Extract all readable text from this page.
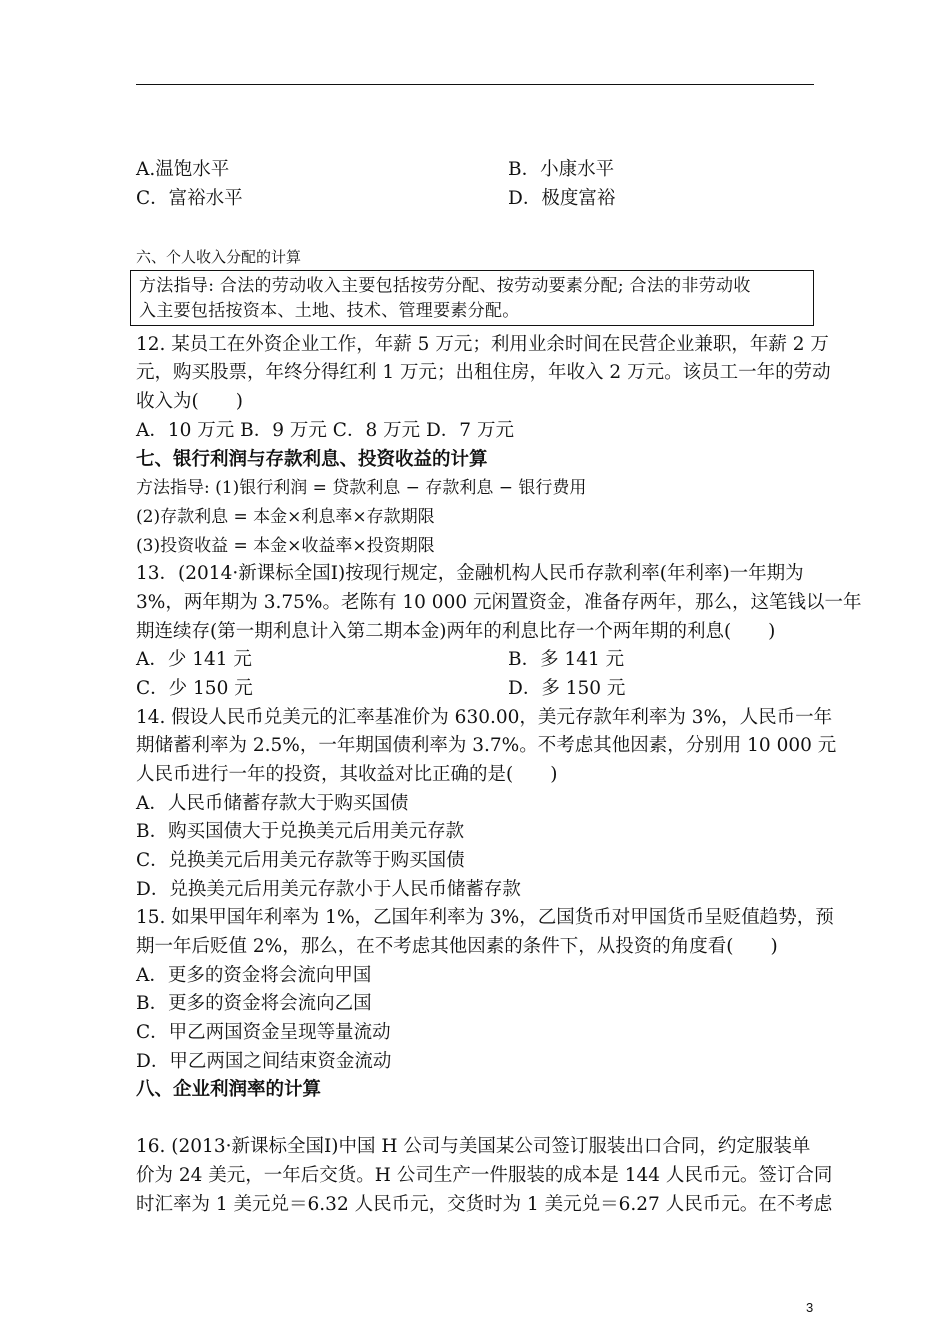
A.温饱水平	B．小康水平
C．富裕水平	D．极度富裕
六、个人收入分配的计算
方法指导: 合法的劳动收入主要包括按劳分配、按劳动要素分配; 合法的非劳动收
入主要包括按资本、土地、技术、管理要素分配。
12. 某员工在外资企业工作，年薪 5 万元；利用业余时间在民营企业兼职，年薪 2 万
元，购买股票，年终分得红利 1 万元；出租住房，年收入 2 万元。该员工一年的劳动
收入为(　　)
A．10 万元 B．9 万元 C．8 万元 D．7 万元
七、银行利润与存款利息、投资收益的计算
方法指导: (1)银行利润 = 贷款利息 − 存款利息 − 银行费用
(2)存款利息 = 本金×利息率×存款期限
(3)投资收益 = 本金×收益率×投资期限
13．(2014·新课标全国Ⅰ)按现行规定，金融机构人民币存款利率(年利率)一年期为
3%，两年期为 3.75%。老陈有 10 000 元闲置资金，准备存两年，那么，这笔钱以一年
期连续存(第一期利息计入第二期本金)两年的利息比存一个两年期的利息(　　)
A．少 141 元	B．多 141 元
C．少 150 元	D．多 150 元
14. 假设人民币兑美元的汇率基准价为 630.00，美元存款年利率为 3%，人民币一年
期储蓄利率为 2.5%，一年期国债利率为 3.7%。不考虑其他因素，分别用 10 000 元
人民币进行一年的投资，其收益对比正确的是(　　)
A．人民币储蓄存款大于购买国债
B．购买国债大于兑换美元后用美元存款
C．兑换美元后用美元存款等于购买国债
D．兑换美元后用美元存款小于人民币储蓄存款
15. 如果甲国年利率为 1%，乙国年利率为 3%，乙国货币对甲国货币呈贬值趋势，预
期一年后贬值 2%，那么，在不考虑其他因素的条件下，从投资的角度看(　　)
A．更多的资金将会流向甲国
B．更多的资金将会流向乙国
C．甲乙两国资金呈现等量流动
D．甲乙两国之间结束资金流动
八、企业利润率的计算
16. (2013·新课标全国Ⅰ)中国 H 公司与美国某公司签订服装出口合同，约定服装单
价为 24 美元，一年后交货。H 公司生产一件服装的成本是 144 人民币元。签订合同
时汇率为 1 美元兑＝6.32 人民币元，交货时为 1 美元兑＝6.27 人民币元。在不考虑
3
